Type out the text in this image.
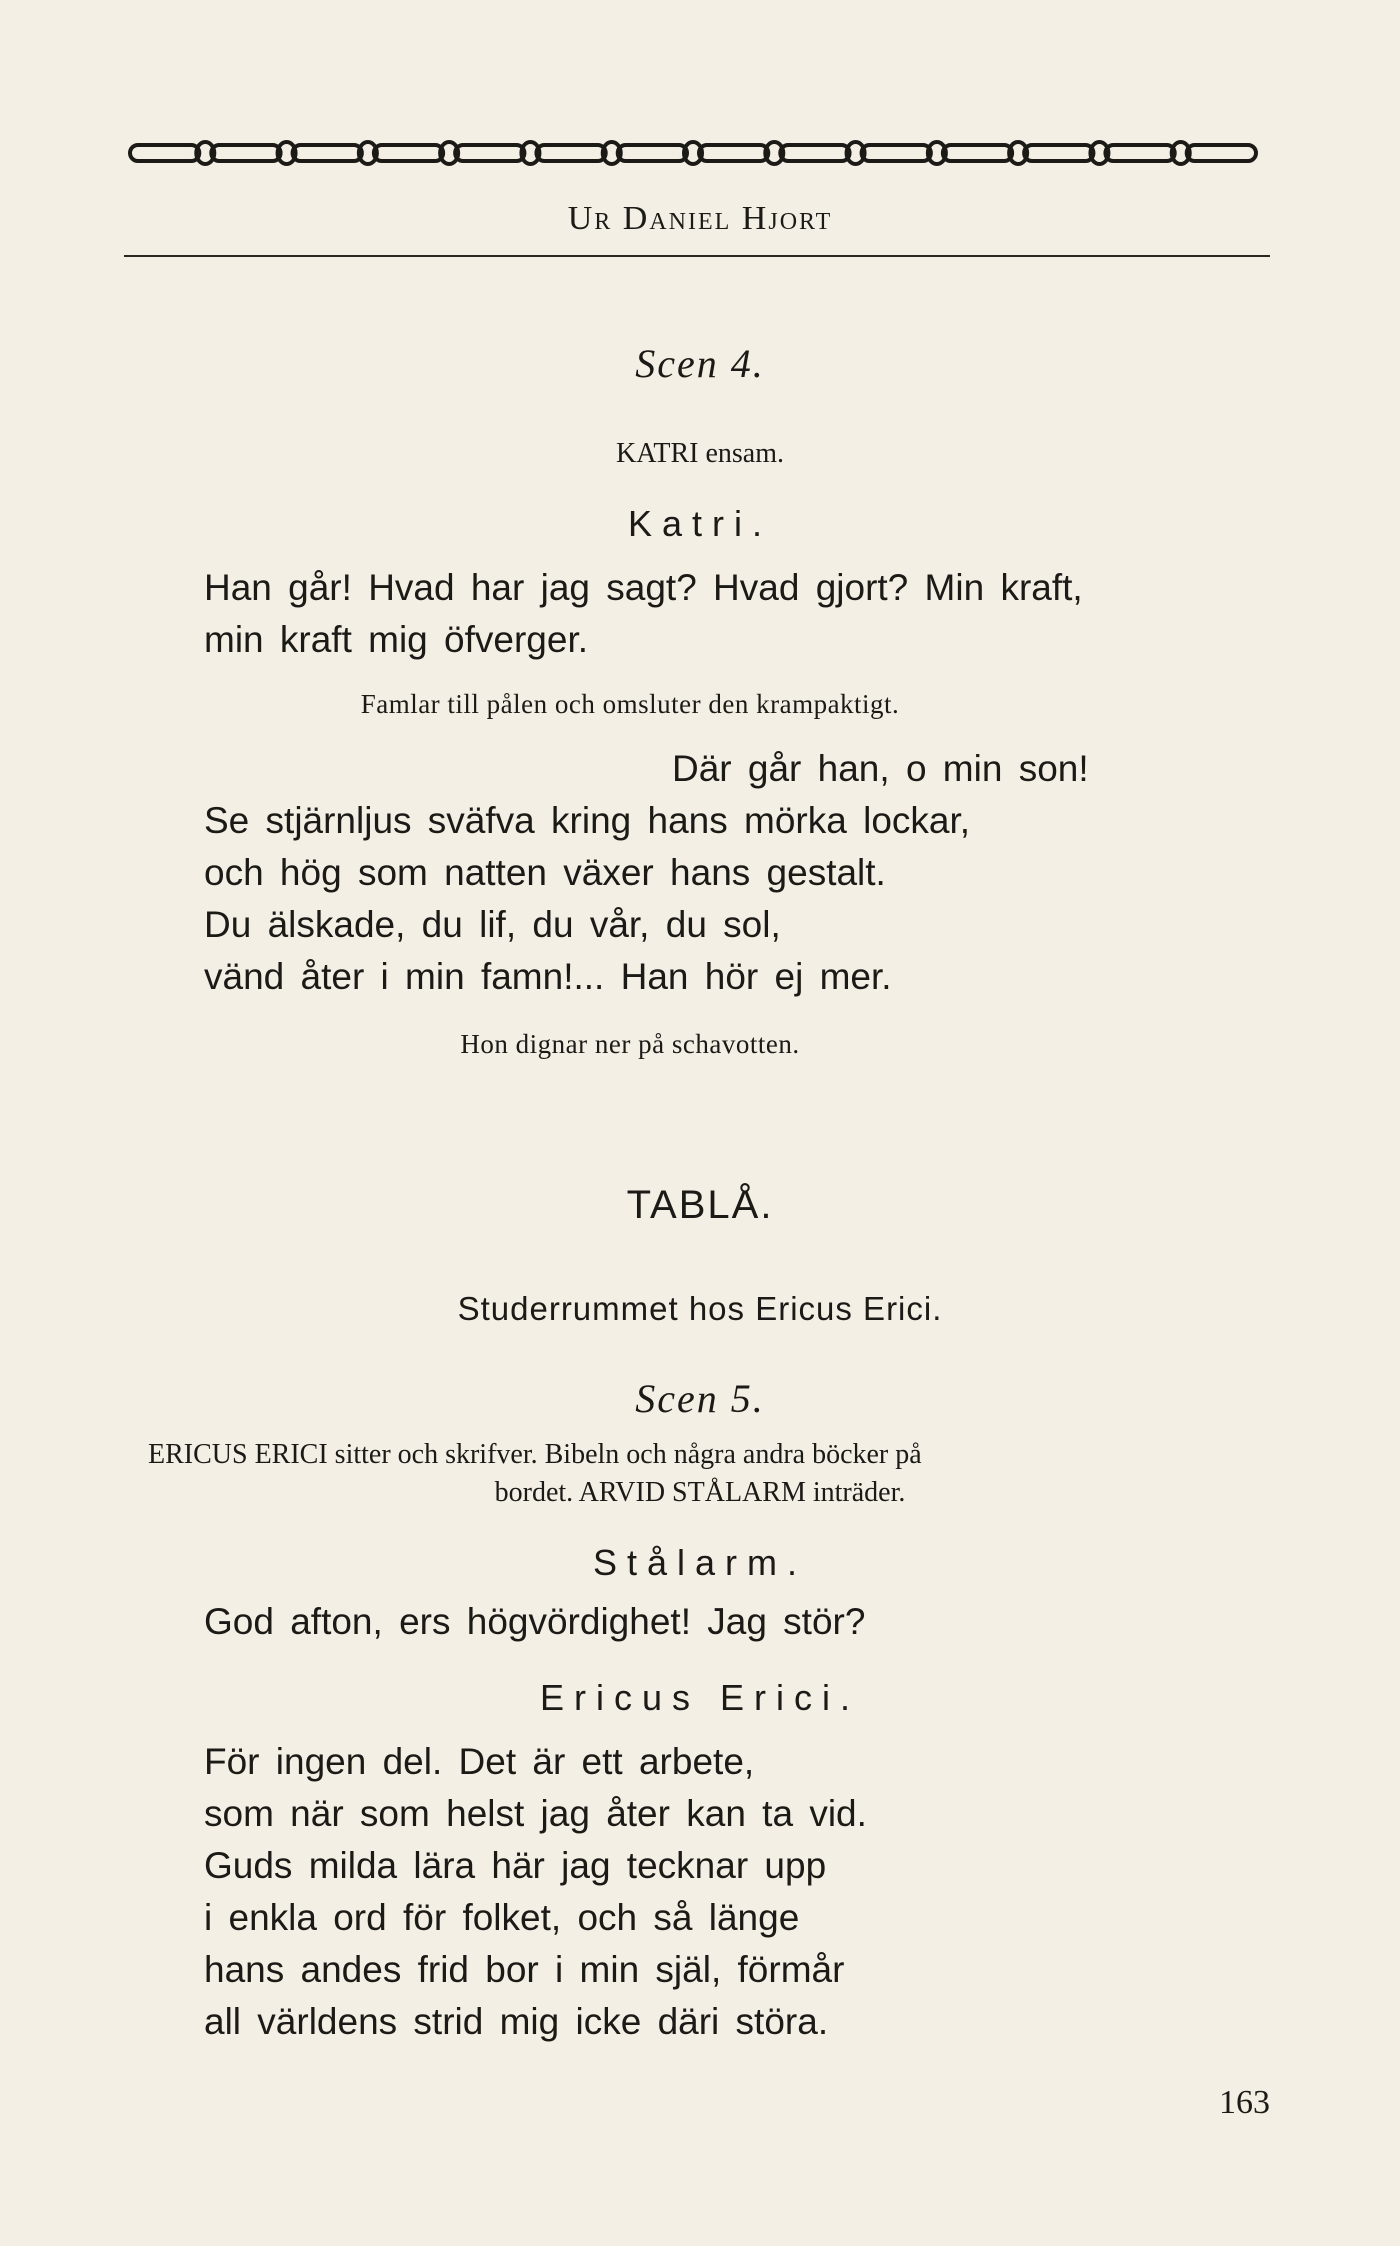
Ur Daniel Hjort
Scen 4.
KATRI ensam.
Katri.
Han går! Hvad har jag sagt? Hvad gjort? Min kraft,
min kraft mig öfverger.
Famlar till pålen och omsluter den krampaktigt.
Där går han, o min son!
Se stjärnljus sväfva kring hans mörka lockar,
och hög som natten växer hans gestalt.
Du älskade, du lif, du vår, du sol,
vänd åter i min famn!... Han hör ej mer.
Hon dignar ner på schavotten.
TABLÅ.
Studerrummet hos Ericus Erici.
Scen 5.
ERICUS ERICI sitter och skrifver. Bibeln och några andra böcker på
bordet. ARVID STÅLARM inträder.
Stålarm.
God afton, ers högvördighet! Jag stör?
Ericus Erici.
För ingen del. Det är ett arbete,
som när som helst jag åter kan ta vid.
Guds milda lära här jag tecknar upp
i enkla ord för folket, och så länge
hans andes frid bor i min själ, förmår
all världens strid mig icke däri störa.
163
